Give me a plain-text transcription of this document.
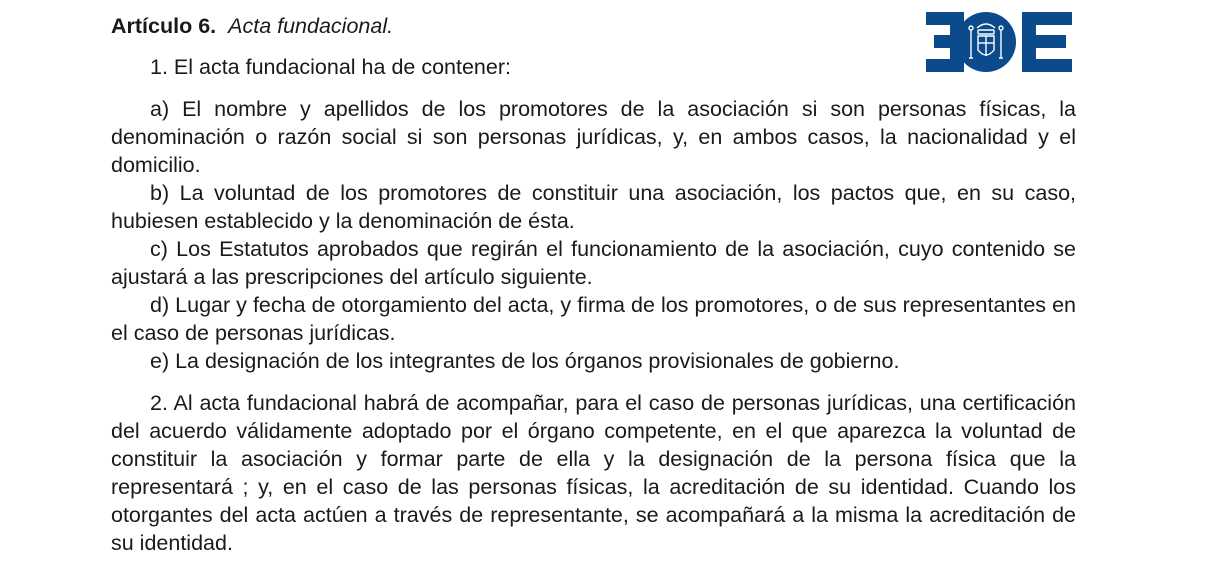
Artículo 6. Acta fundacional.

1. El acta fundacional ha de contener:

a) El nombre y apellidos de los promotores de la asociación si son personas físicas, la denominación o razón social si son personas jurídicas, y, en ambos casos, la nacionalidad y el domicilio.

b) La voluntad de los promotores de constituir una asociación, los pactos que, en su caso, hubiesen establecido y la denominación de ésta.

c) Los Estatutos aprobados que regirán el funcionamiento de la asociación, cuyo contenido se ajustará a las prescripciones del artículo siguiente.

d) Lugar y fecha de otorgamiento del acta, y firma de los promotores, o de sus representantes en el caso de personas jurídicas.

e) La designación de los integrantes de los órganos provisionales de gobierno.

2. Al acta fundacional habrá de acompañar, para el caso de personas jurídicas, una certificación del acuerdo válidamente adoptado por el órgano competente, en el que aparezca la voluntad de constituir la asociación y formar parte de ella y la designación de la persona física que la representará ; y, en el caso de las personas físicas, la acreditación de su identidad. Cuando los otorgantes del acta actúen a través de representante, se acompañará a la misma la acreditación de su identidad.
